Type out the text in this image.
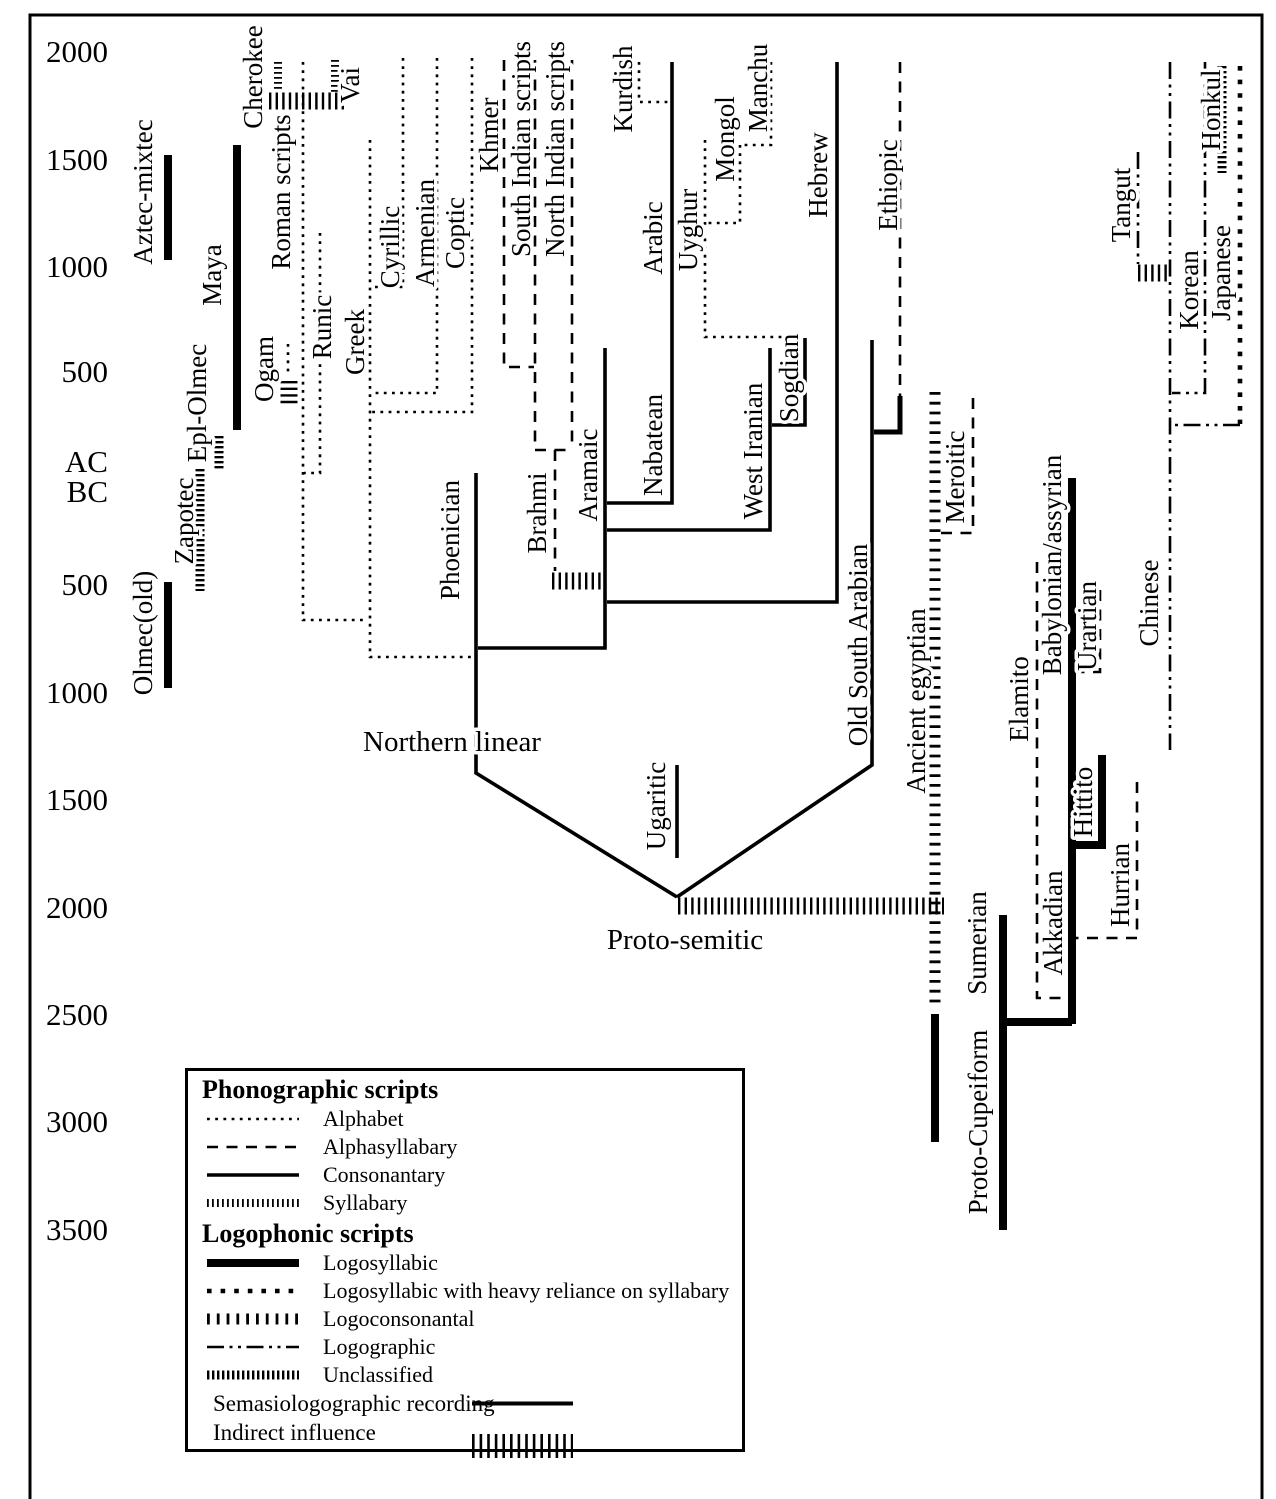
2000
1500
1000
500
AC
BC
500
1000
1500
2000
2500
3000
3500
Aztec-mixtec
Maya
Epl-Olmec
Zapotec
Olmec(old)
Cherokee
Roman scripts
Ogam
Runic
Vai
Greek
Cyrillic Armenian Coptic
Khmer South Indian scripts North Indian scripts Kurdish
Arabic Uyghur
Mongol
Manchu
Hebrew Ethiopic
Brahmi Aramaic Nabatean	West Iranian
Sogdian
Phoenician
Old South Arabian
Ugaritic
Ancient egyptian
Meroitic
Elamito
Babylonian/assyrian Urartian
Hittito
Hurrian
Akkadian
Sumerian
Proto-Cupeiform
Chinese
Tangut
Korean
Honkul
Japanese
Northern linear
Proto-semitic
Phonographic scripts
Alphabet
Alphasyllabary
Consonantary
Syllabary
Logophonic scripts
Logosyllabic
Logosyllabic with heavy reliance on syllabary
Logoconsonantal
Logographic
Unclassified
Semasiologographic recording
Indirect influence
